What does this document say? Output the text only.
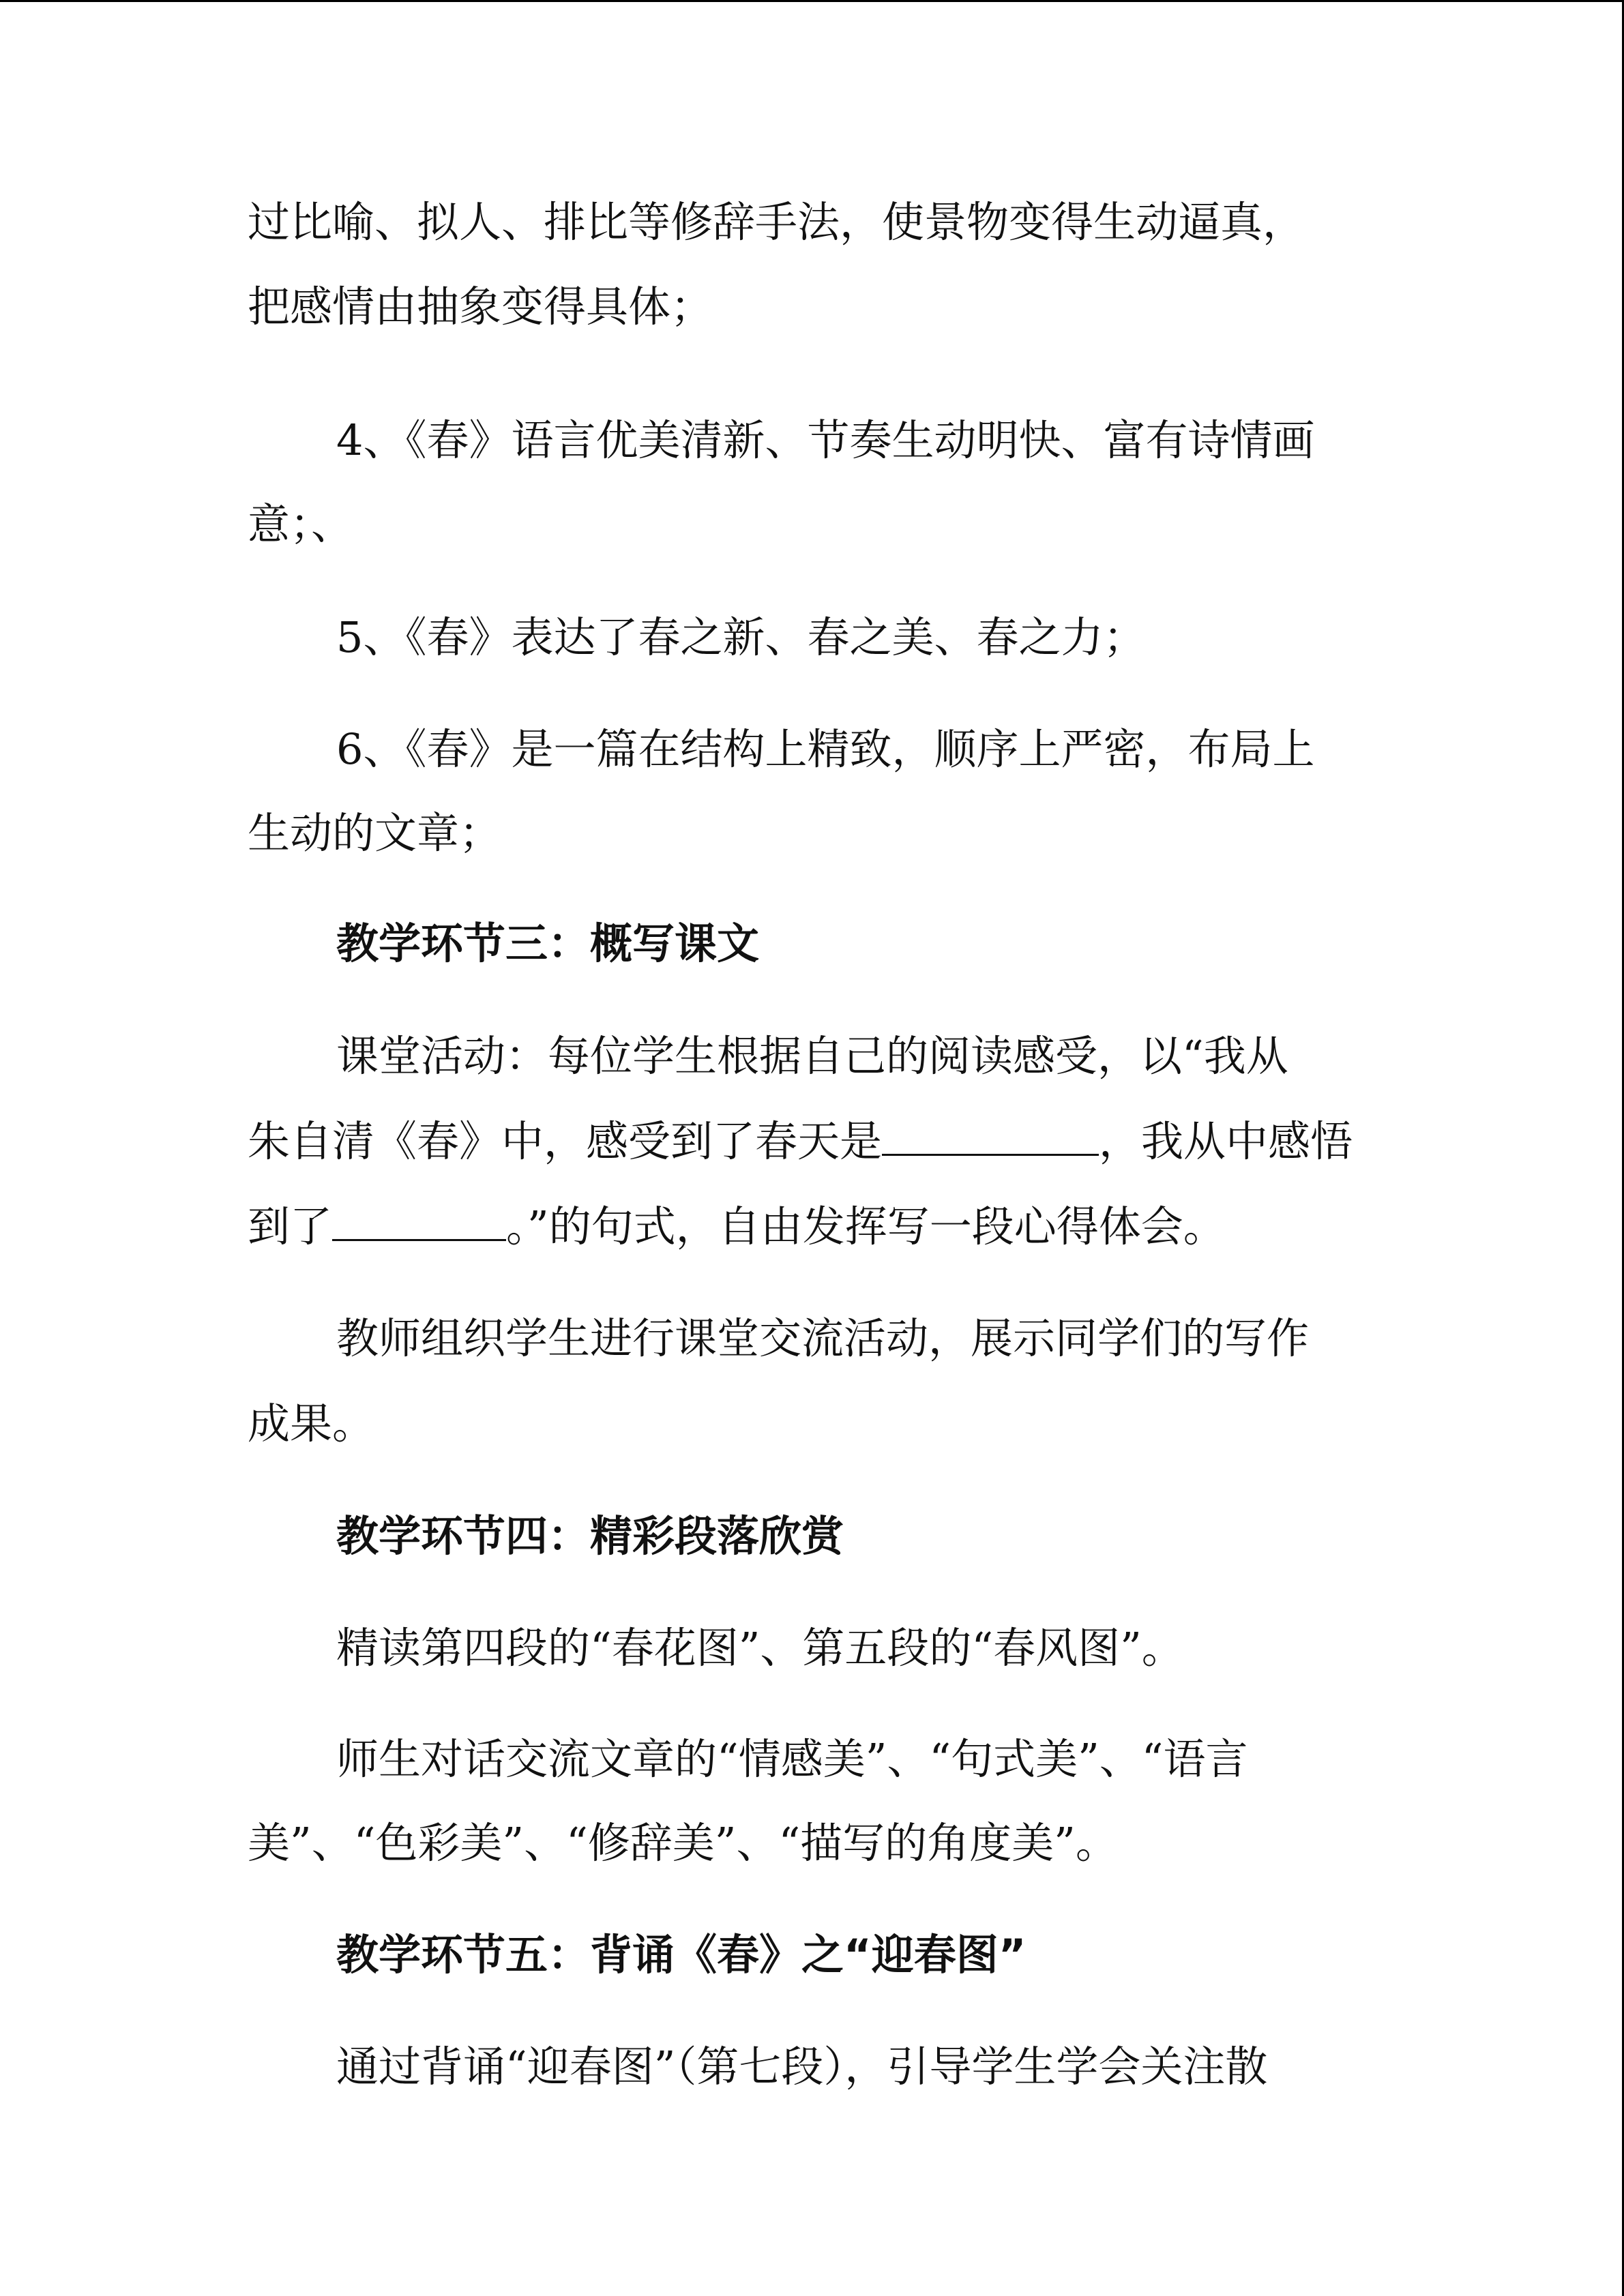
过比喻、拟人、排比等修辞手法，使景物变得生动逼真，
把感情由抽象变得具体；
4、《春》语言优美清新、节奏生动明快、富有诗情画
意；、
5、《春》表达了春之新、春之美、春之力；
6、《春》是一篇在结构上精致，顺序上严密，布局上
生动的文章；
教学环节三：概写课文
课堂活动：每位学生根据自己的阅读感受，以“我从
朱自清《春》中，感受到了春天是	，我从中感悟
到了	。”的句式，自由发挥写一段心得体会。
教师组织学生进行课堂交流活动，展示同学们的写作
成果。
教学环节四：精彩段落欣赏
精读第四段的“春花图”、第五段的“春风图”。
师生对话交流文章的“情感美”、“句式美”、“语言
美”、“色彩美”、“修辞美”、“描写的角度美”。
教学环节五：背诵《春》之“迎春图”
通过背诵“迎春图”（第七段），引导学生学会关注散
